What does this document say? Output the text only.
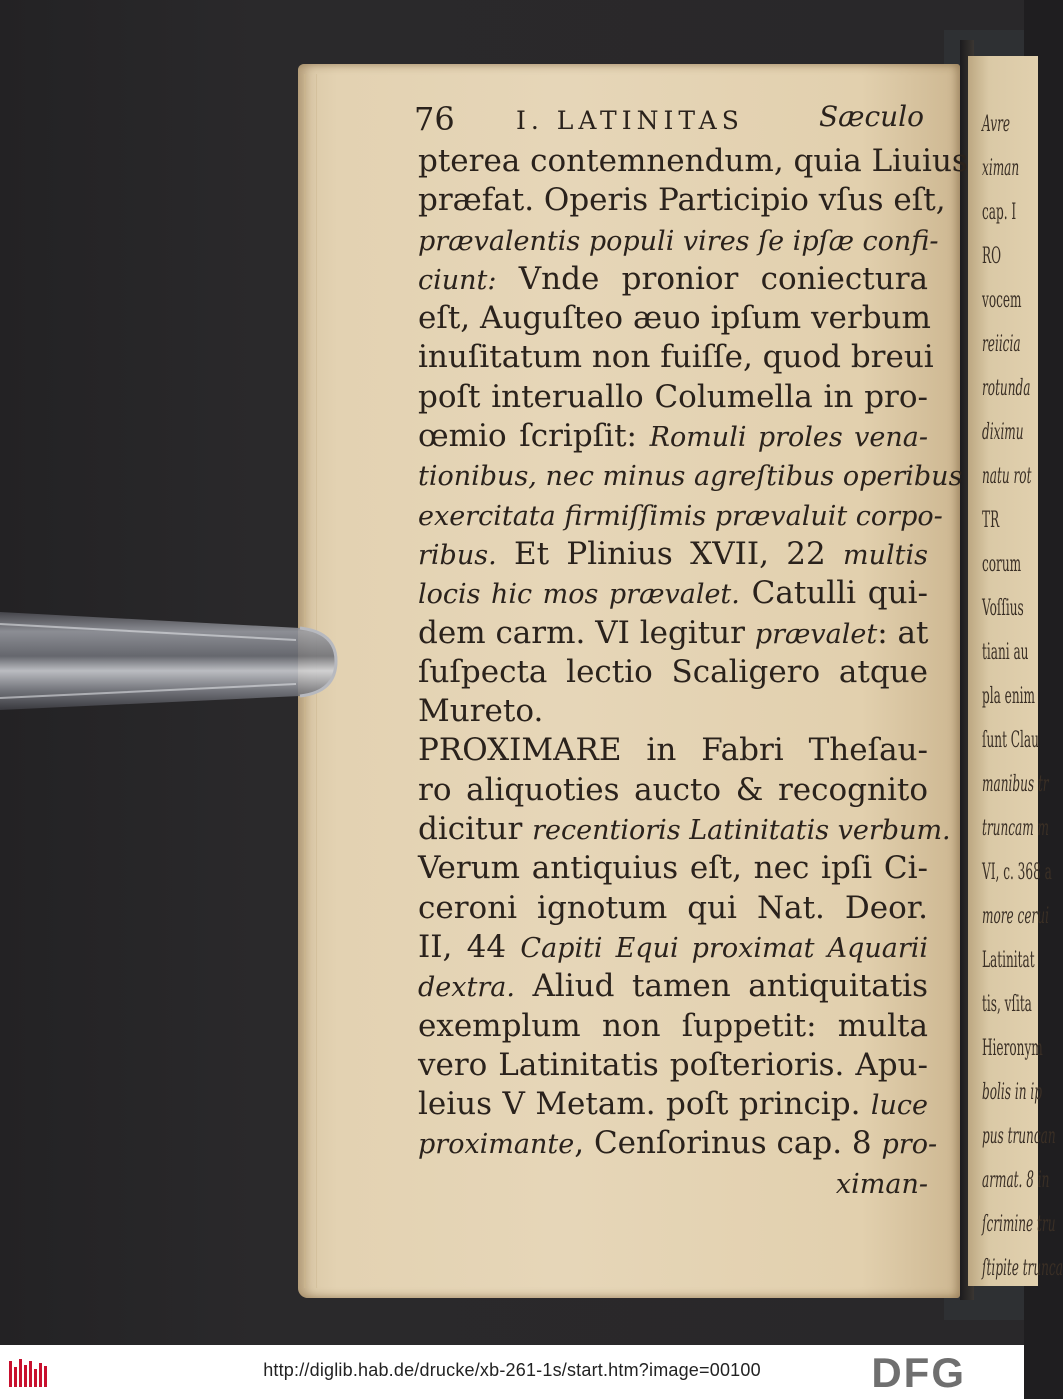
Avre
ximan
cap. I
RO
vocem
reiicia
rotunda
diximu
natu rot
TR
corum
Voſſius
tiani au
pla enim
ſunt Clau
manibus tr
truncam m
VI, c. 368 a
more cerui
Latinitat
tis, vſita
Hieronym
bolis in ip
pus truncan
armat. 8 in
ſcrimine tru
ſtipite trunca
76 I. LATINITAS	Sæculo
pterea contemnendum, quia Liuius
præfat. Operis Participio vſus eſt,
prævalentis populi vires ſe ipſæ confi-
ciunt: Vnde pronior coniectura
eſt, Auguſteo æuo ipſum verbum
inuſitatum non fuiſſe, quod breui
poſt interuallo Columella in pro-
œmio ſcripſit: Romuli proles vena-
tionibus, nec minus agreſtibus operibus
exercitata firmiſſimis prævaluit corpo-
ribus. Et Plinius XVII, 22 multis
locis hic mos prævalet. Catulli qui-
dem carm. VI legitur prævalet: at
ſuſpecta lectio Scaligero atque
Mureto.
PROXIMARE in Fabri Theſau-
ro aliquoties aucto & recognito
dicitur recentioris Latinitatis verbum.
Verum antiquius eſt, nec ipſi Ci-
ceroni ignotum qui Nat. Deor.
II, 44 Capiti Equi proximat Aquarii
dextra. Aliud tamen antiquitatis
exemplum non ſuppetit: multa
vero Latinitatis poſterioris. Apu-
leius V Metam. poſt princip. luce
proximante, Cenſorinus cap. 8 pro-
ximan-
http://diglib.hab.de/drucke/xb-261-1s/start.htm?image=00100	DFG
